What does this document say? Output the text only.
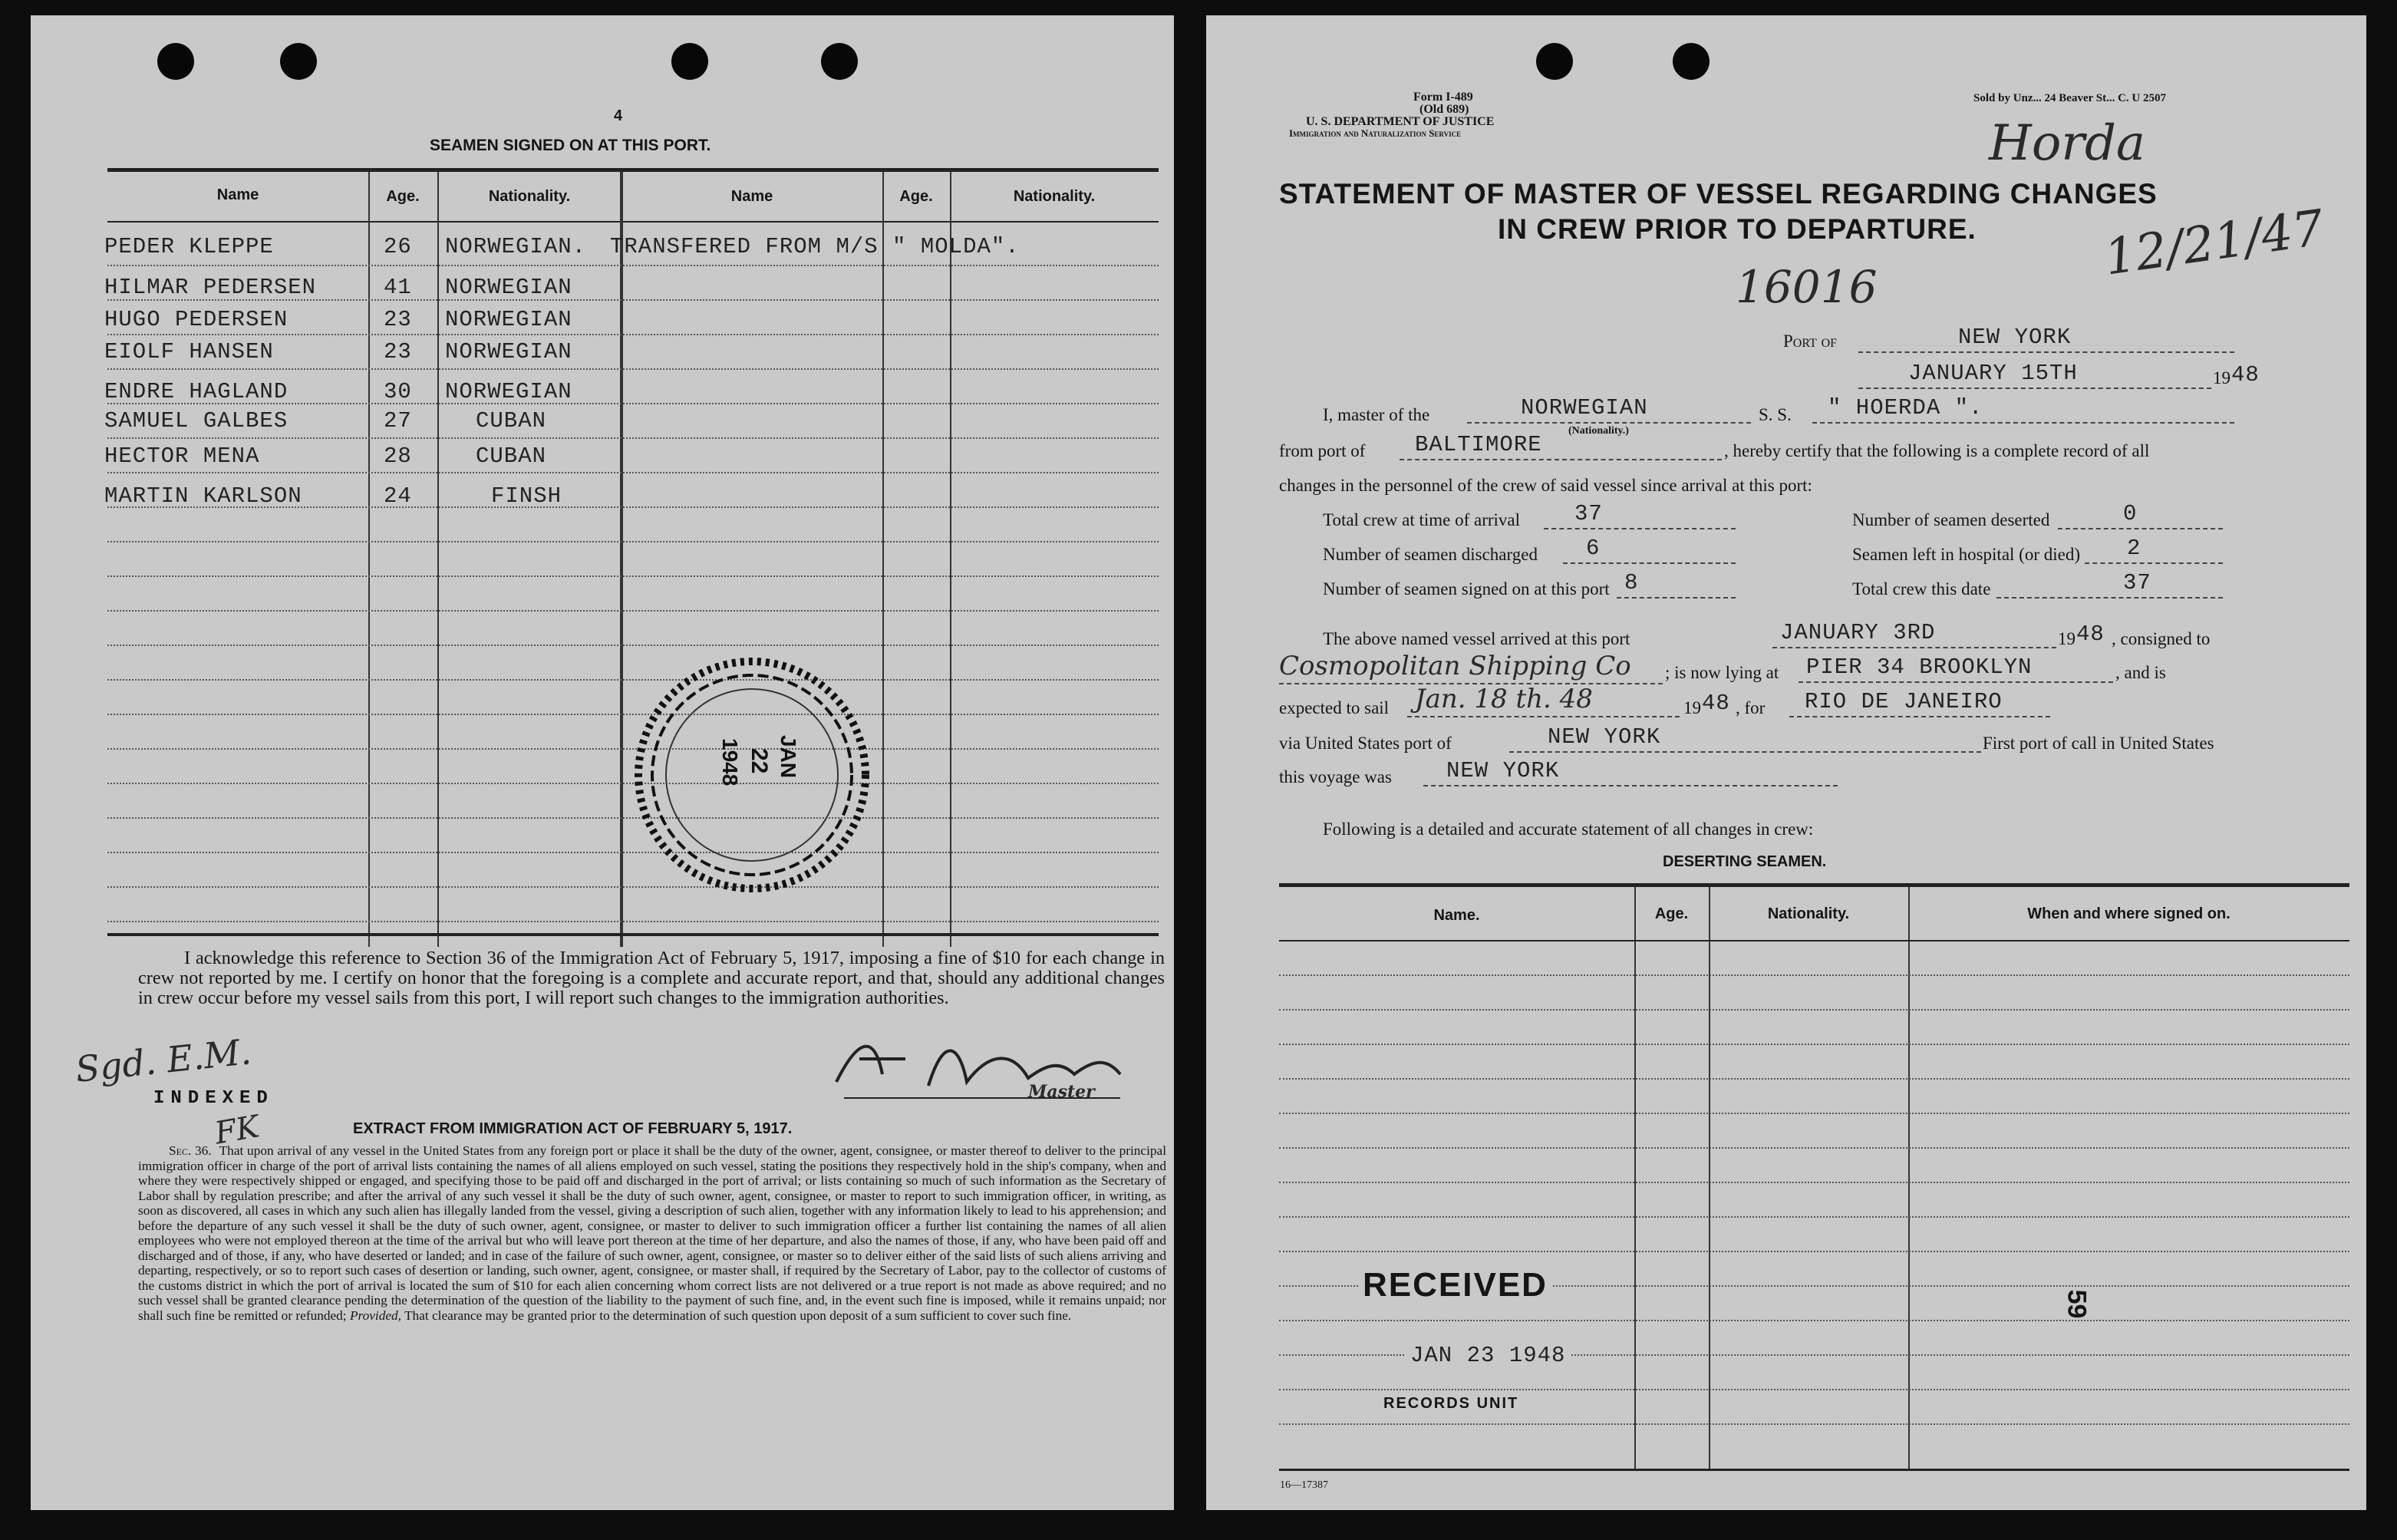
4
SEAMEN SIGNED ON AT THIS PORT.
Name	Age.	Nationality.	Name	Age.	Nationality.
PEDER KLEPPE	26 NORWEGIAN. TRANSFERED FROM M/S " MOLDA".
HILMAR PEDERSEN	41 NORWEGIAN
HUGO PEDERSEN	23 NORWEGIAN
EIOLF HANSEN	23 NORWEGIAN
ENDRE HAGLAND	30 NORWEGIAN
SAMUEL GALBES	27	CUBAN
HECTOR MENA	28	CUBAN
MARTIN KARLSON	24	FINSH
JAN
22
1948
I acknowledge this reference to Section 36 of the Immigration Act of February 5, 1917, imposing a fine of $10 for each change in crew not reported by me. I certify on honor that the foregoing is a complete and accurate report, and that, should any additional changes in crew occur before my vessel sails from this port, I will report such changes to the immigration authorities.
Sgd. E.M.
INDEXED
FK
Master
EXTRACT FROM IMMIGRATION ACT OF FEBRUARY 5, 1917.
Sec. 36. That upon arrival of any vessel in the United States from any foreign port or place it shall be the duty of the owner, agent, consignee, or master thereof to deliver to the principal immigration officer in charge of the port of arrival lists containing the names of all aliens employed on such vessel, stating the positions they respectively hold in the ship's company, when and where they were respectively shipped or engaged, and specifying those to be paid off and discharged in the port of arrival; or lists containing so much of such information as the Secretary of Labor shall by regulation prescribe; and after the arrival of any such vessel it shall be the duty of such owner, agent, consignee, or master to report to such immigration officer, in writing, as soon as discovered, all cases in which any such alien has illegally landed from the vessel, giving a description of such alien, together with any information likely to lead to his apprehension; and before the departure of any such vessel it shall be the duty of such owner, agent, consignee, or master to deliver to such immigration officer a further list containing the names of all alien employees who were not employed thereon at the time of the arrival but who will leave port thereon at the time of her departure, and also the names of those, if any, who have been paid off and discharged and of those, if any, who have deserted or landed; and in case of the failure of such owner, agent, consignee, or master so to deliver either of the said lists of such aliens arriving and departing, respectively, or so to report such cases of desertion or landing, such owner, agent, consignee, or master shall, if required by the Secretary of Labor, pay to the collector of customs of the customs district in which the port of arrival is located the sum of $10 for each alien concerning whom correct lists are not delivered or a true report is not made as above required; and no such vessel shall be granted clearance pending the determination of the question of the liability to the payment of such fine, and, in the event such fine is imposed, while it remains unpaid; nor shall such fine be remitted or refunded; Provided, That clearance may be granted prior to the determination of such question upon deposit of a sum sufficient to cover such fine.
Form I-489
(Old 689)
U. S. DEPARTMENT OF JUSTICE
Immigration and Naturalization Service
Sold by Unz... 24 Beaver St... C. U 2507
Horda
12/21/47
16016
STATEMENT OF MASTER OF VESSEL REGARDING CHANGES
IN CREW PRIOR TO DEPARTURE.
Port of	NEW YORK
JANUARY 15TH	19 48
I, master of the	NORWEGIAN
(Nationality.)
S. S. " HOERDA ".
from port of BALTIMORE	, hereby certify that the following is a complete record of all
changes in the personnel of the crew of said vessel since arrival at this port:
Total crew at time of arrival 37
Number of seamen discharged 6
Number of seamen signed on at this port 8
Number of seamen deserted	0
Seamen left in hospital (or died) 2
Total crew this date	37
The above named vessel arrived at this port	JANUARY 3RD	19 48 , consigned to
Cosmopolitan Shipping Co ; is now lying at PIER 34 BROOKLYN	, and is
expected to sail Jan. 18 th. 48	19 48 , for RIO DE JANEIRO
via United States port of	NEW YORK	First port of call in United States
this voyage was NEW YORK
Following is a detailed and accurate statement of all changes in crew:
DESERTING SEAMEN.
Name.	Age.	Nationality.	When and where signed on.
RECEIVED
JAN 23 1948
RECORDS UNIT
59
16—17387
